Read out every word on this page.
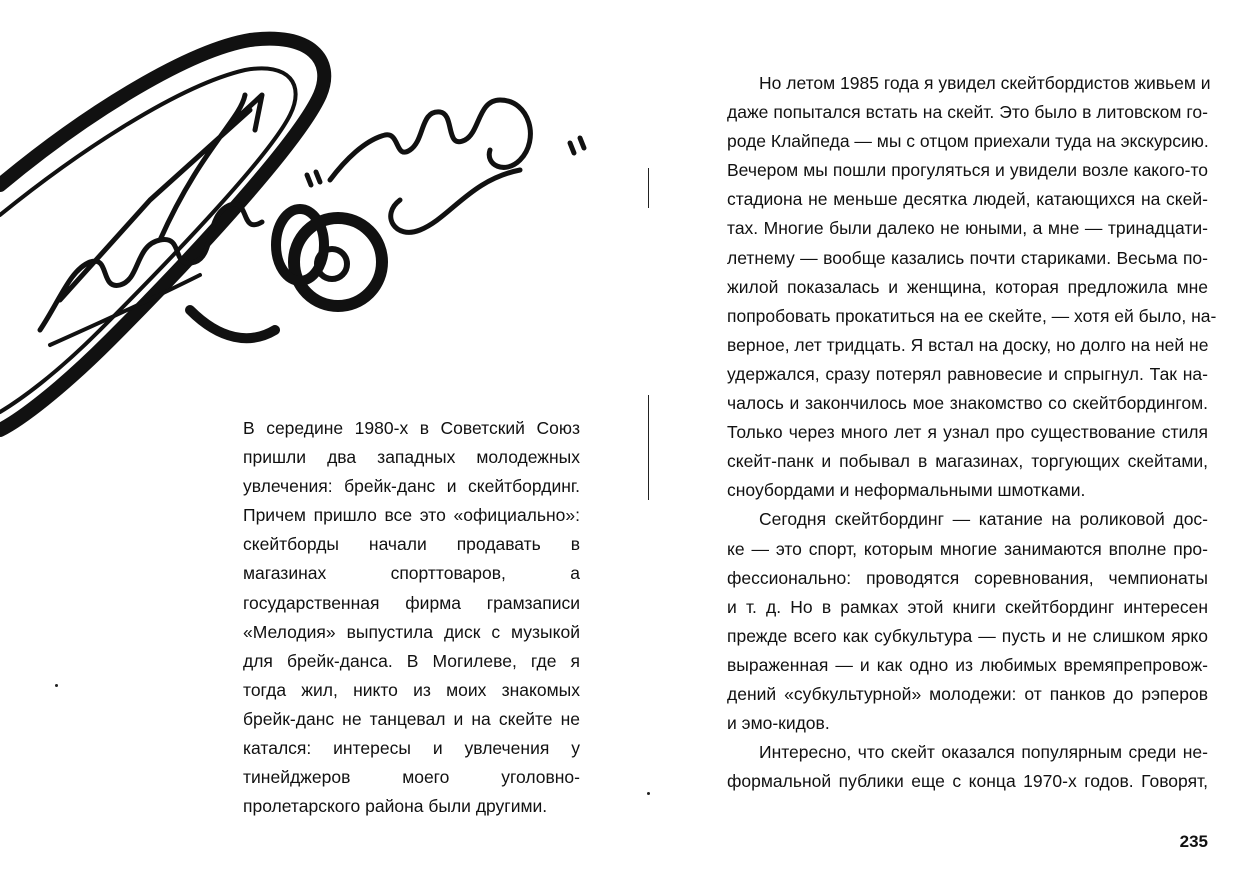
В середине 1980-х в Советский Союз пришли два западных молодежных увлечения: брейк-данс и скейтбординг. Причем пришло все это «официально»: скейтборды начали продавать в магазинах спорттоваров, а государственная фирма грамзаписи «Мелодия» выпустила диск с музыкой для брейк-данса. В Могилеве, где я тогда жил, никто из моих знакомых брейк-данс не танцевал и на скейте не катался: интересы и увлечения у тинейджеров моего уголовно-пролетарского района были другими.

Но летом 1985 года я увидел скейтбордистов живьем и
даже попытался встать на скейт. Это было в литовском го-
роде Клайпеда — мы с отцом приехали туда на экскурсию.
Вечером мы пошли прогуляться и увидели возле какого-то
стадиона не меньше десятка людей, катающихся на скей-
тах. Многие были далеко не юными, а мне — тринадцати-
летнему — вообще казались почти стариками. Весьма по-
жилой показалась и женщина, которая предложила мне
попробовать прокатиться на ее скейте, — хотя ей было, на-
верное, лет тридцать. Я встал на доску, но долго на ней не
удержался, сразу потерял равновесие и спрыгнул. Так на-
чалось и закончилось мое знакомство со скейтбордингом.
Только через много лет я узнал про существование стиля
скейт-панк и побывал в магазинах, торгующих скейтами,
сноубордами и неформальными шмотками.
Сегодня скейтбординг — катание на роликовой дос-
ке — это спорт, которым многие занимаются вполне про-
фессионально: проводятся соревнования, чемпионаты
и т. д. Но в рамках этой книги скейтбординг интересен
прежде всего как субкультура — пусть и не слишком ярко
выраженная — и как одно из любимых времяпрепровож-
дений «субкультурной» молодежи: от панков до рэперов
и эмо-кидов.
Интересно, что скейт оказался популярным среди не-
формальной публики еще с конца 1970-х годов. Говорят,
235
